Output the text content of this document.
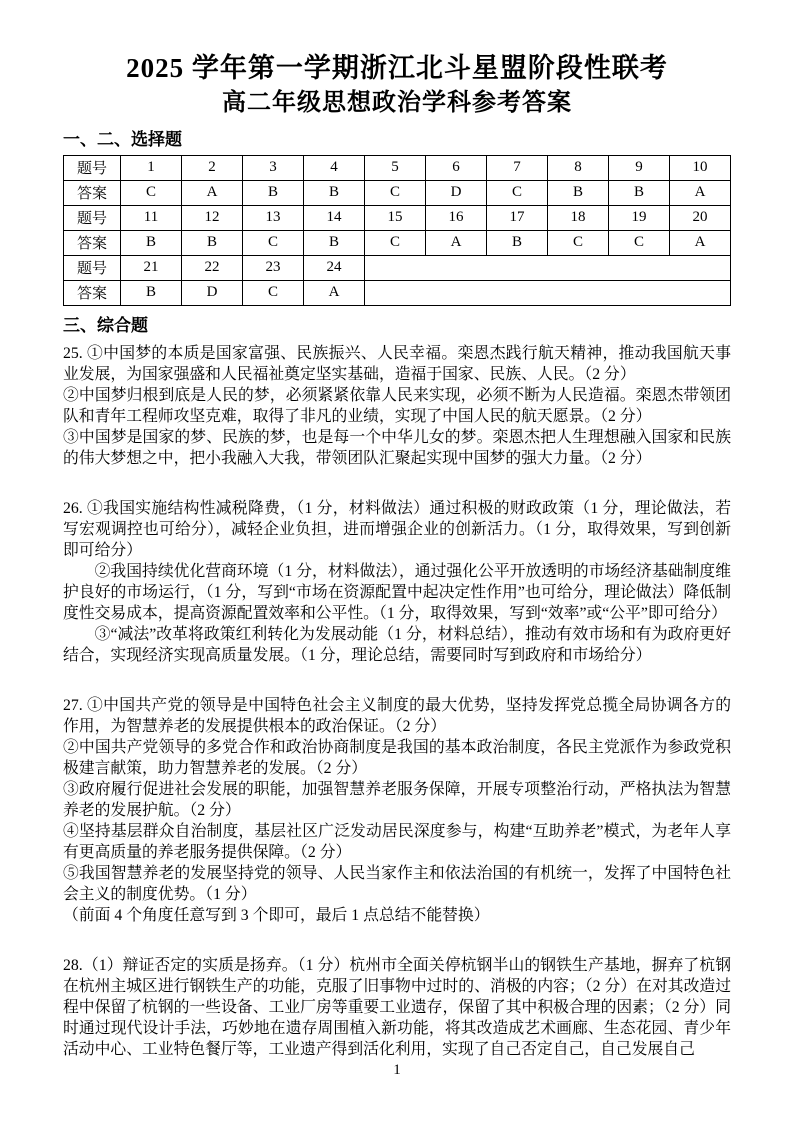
2025 学年第一学期浙江北斗星盟阶段性联考
高二年级思想政治学科参考答案
一、二、选择题
题号	1	2	3	4	5	6	7	8	9	10
答案	C	A	B	B	C	D	C	B	B	A
题号	11	12	13	14	15	16	17	18	19	20
答案	B	B	C	B	C	A	B	C	C	A
题号	21	22	23	24						
答案	B	D	C	A						
三、综合题
25. ①中国梦的本质是国家富强、民族振兴、人民幸福。栾恩杰践行航天精神，推动我国航天事业发展，为国家强盛和人民福祉奠定坚实基础，造福于国家、民族、人民。（2 分）
②中国梦归根到底是人民的梦，必须紧紧依靠人民来实现，必须不断为人民造福。栾恩杰带领团队和青年工程师攻坚克难，取得了非凡的业绩，实现了中国人民的航天愿景。（2 分）
③中国梦是国家的梦、民族的梦，也是每一个中华儿女的梦。栾恩杰把人生理想融入国家和民族的伟大梦想之中，把小我融入大我，带领团队汇聚起实现中国梦的强大力量。（2 分）
26. ①我国实施结构性减税降费，（1 分，材料做法）通过积极的财政政策（1 分，理论做法，若写宏观调控也可给分），减轻企业负担，进而增强企业的创新活力。（1 分，取得效果，写到创新即可给分）
②我国持续优化营商环境（1 分，材料做法），通过强化公平开放透明的市场经济基础制度维护良好的市场运行，（1 分，写到“市场在资源配置中起决定性作用”也可给分，理论做法）降低制度性交易成本，提高资源配置效率和公平性。（1 分，取得效果，写到“效率”或“公平”即可给分）
③“减法”改革将政策红利转化为发展动能（1 分，材料总结），推动有效市场和有为政府更好结合，实现经济实现高质量发展。（1 分，理论总结，需要同时写到政府和市场给分）
27. ①中国共产党的领导是中国特色社会主义制度的最大优势，坚持发挥党总揽全局协调各方的作用，为智慧养老的发展提供根本的政治保证。（2 分）
②中国共产党领导的多党合作和政治协商制度是我国的基本政治制度，各民主党派作为参政党积极建言献策，助力智慧养老的发展。（2 分）
③政府履行促进社会发展的职能，加强智慧养老服务保障，开展专项整治行动，严格执法为智慧养老的发展护航。（2 分）
④坚持基层群众自治制度，基层社区广泛发动居民深度参与，构建“互助养老”模式，为老年人享有更高质量的养老服务提供保障。（2 分）
⑤我国智慧养老的发展坚持党的领导、人民当家作主和依法治国的有机统一，发挥了中国特色社会主义的制度优势。（1 分）
（前面 4 个角度任意写到 3 个即可，最后 1 点总结不能替换）
28.（1）辩证否定的实质是扬弃。（1 分）杭州市全面关停杭钢半山的钢铁生产基地，摒弃了杭钢在杭州主城区进行钢铁生产的功能，克服了旧事物中过时的、消极的内容；（2 分）在对其改造过程中保留了杭钢的一些设备、工业厂房等重要工业遗存，保留了其中积极合理的因素；（2 分）同时通过现代设计手法，巧妙地在遗存周围植入新功能，将其改造成艺术画廊、生态花园、青少年活动中心、工业特色餐厅等，工业遗产得到活化利用，实现了自己否定自己，自己发展自己
1
